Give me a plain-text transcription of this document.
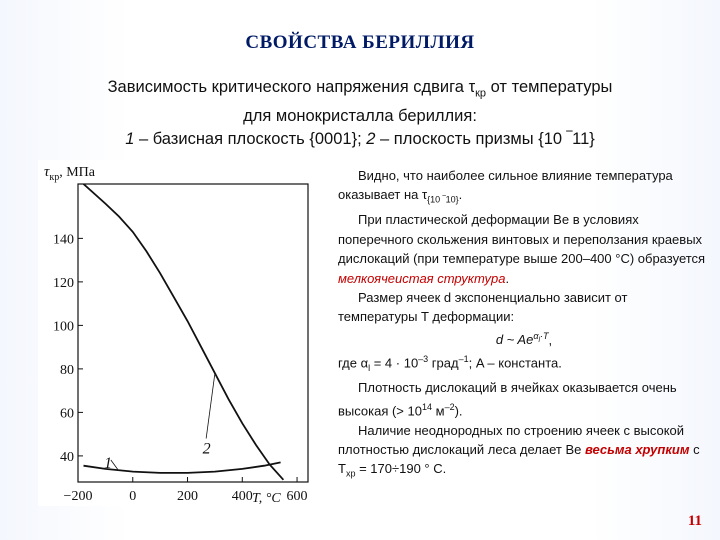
СВОЙСТВА БЕРИЛЛИЯ
Зависимость критического напряжения сдвига $\tau_{кр}$ от температуры
для монокристалла бериллия:
1 – базисная плоскость {0001}; 2 – плоскость призмы {10 ‾11}
$\tau_{кр}$, МПа
40
60
80
100
120
140
−200	0	200 400 600
1
2
T, °C

Видно, что наиболее сильное влияние температура оказывает на $\tau_{\{10 ‾10\}}$.

При пластической деформации Be в условиях поперечного скольжения винтовых и переползания краевых дислокаций (при температуре выше 200–400 °С) образуется мелкоячеистая структура.

Размер ячеек d экспоненциально зависит от температуры T деформации:

d ~ $Ae^{\alpha_l\cdot T}$,

где $\alpha_l = 4 \cdot 10^{-3}$ град$^{-1}$; A – константа.

Плотность дислокаций в ячейках оказывается очень высокая (> $10^{14}$ $м^{-2}$).

Наличие неоднородных по строению ячеек с высокой плотностью дислокаций леса делает Be весьма хрупким с $T_{хр} = 170\div 190$ ° С.

11
